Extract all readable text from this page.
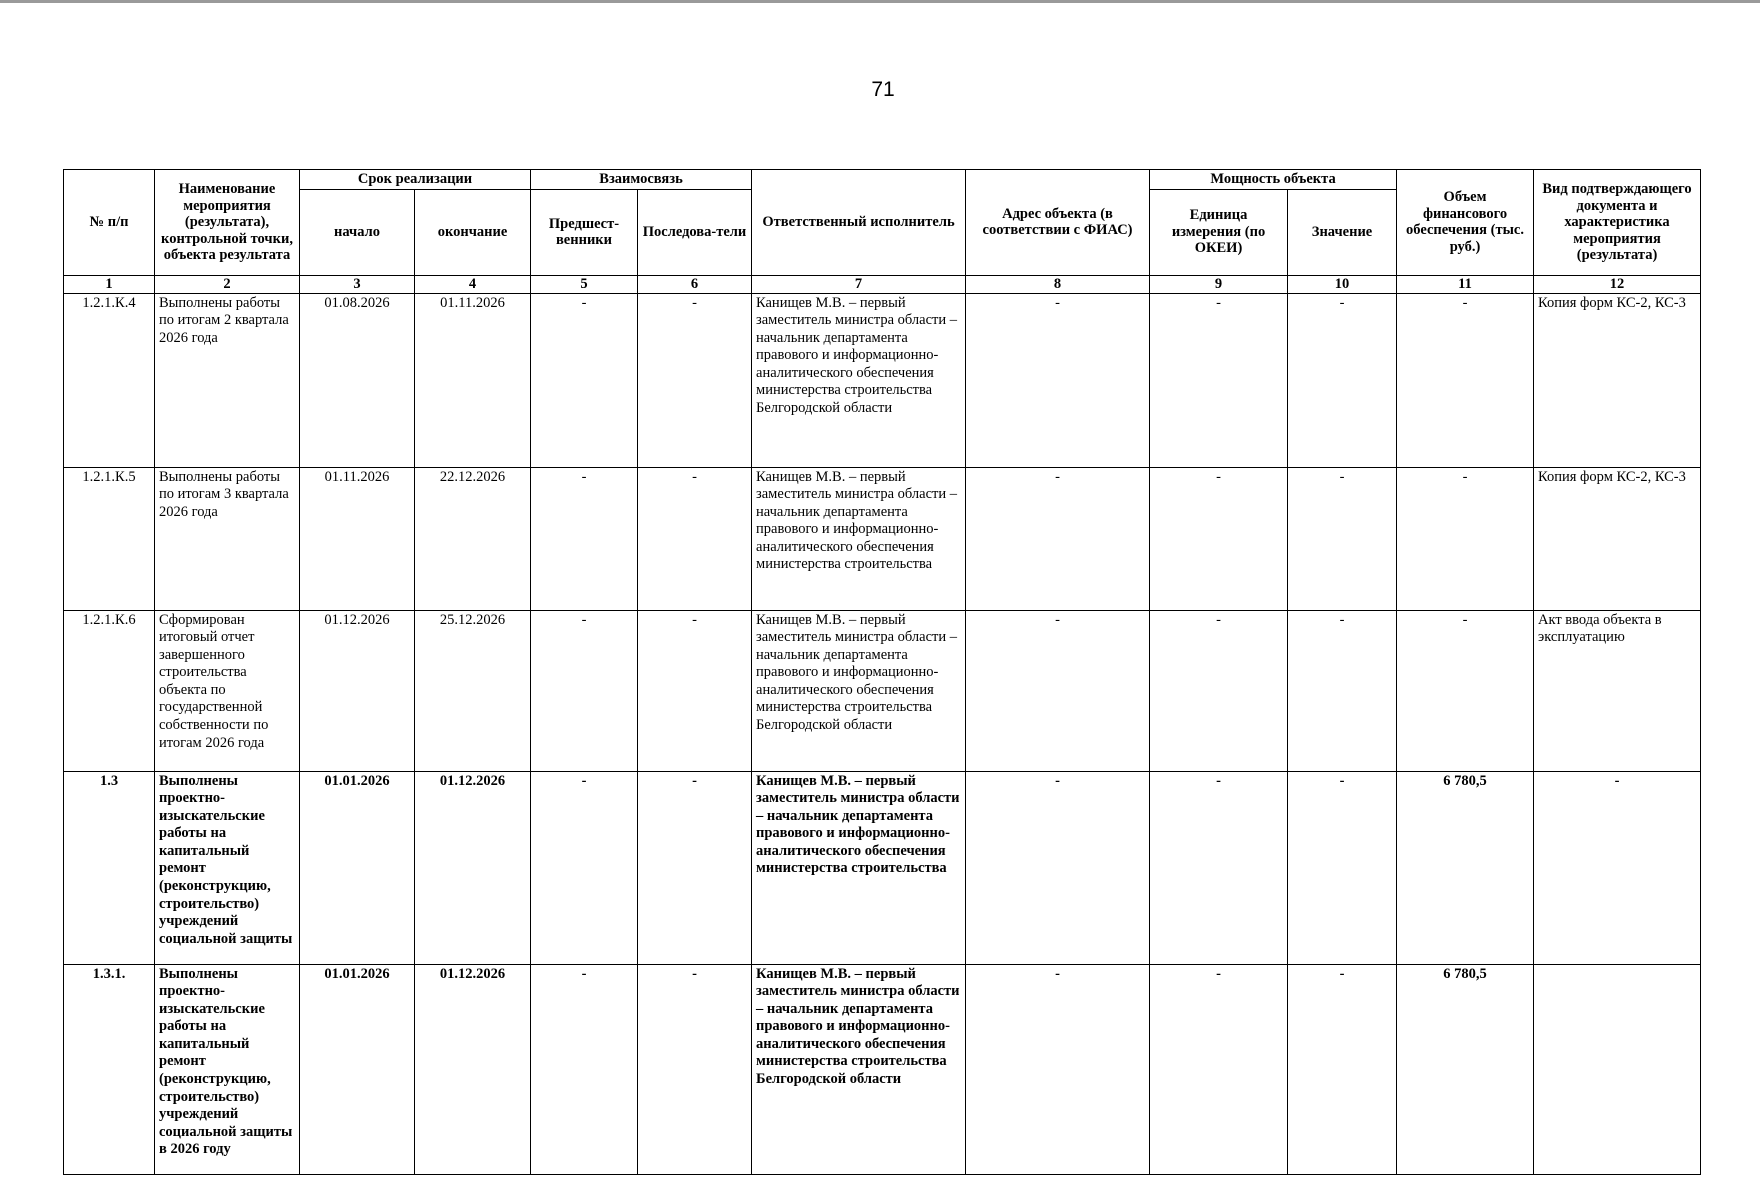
71
№ п/п	Наименование мероприятия (результата), контрольной точки, объекта результата	Срок реализации		Взаимосвязь		Ответственный исполнитель	Адрес объекта (в соответствии с ФИАС)	Мощность объекта		Объем финансового обеспечения (тыс. руб.)	Вид подтверждающего документа и характеристика мероприятия (результата)
		начало	окончание	Предшест-венники	Последова-тели			Единица измерения (по ОКЕИ)	Значение		
1	2	3	4	5	6	7	8	9	10	11	12
1.2.1.К.4	Выполнены работы по итогам 2 квартала 2026 года	01.08.2026	01.11.2026	-	-	Канищев М.В. – первый заместитель министра области – начальник департамента правового и информационно-аналитического обеспечения министерства строительства Белгородской области	-	-	-	-	Копия форм КС-2, КС-3
1.2.1.К.5	Выполнены работы по итогам 3 квартала 2026 года	01.11.2026	22.12.2026	-	-	Канищев М.В. – первый заместитель министра области – начальник департамента правового и информационно-аналитического обеспечения министерства строительства	-	-	-	-	Копия форм КС-2, КС-3
1.2.1.К.6	Сформирован итоговый отчет завершенного строительства объекта по государственной собственности по итогам 2026 года	01.12.2026	25.12.2026	-	-	Канищев М.В. – первый заместитель министра области – начальник департамента правового и информационно-аналитического обеспечения министерства строительства Белгородской области	-	-	-	-	Акт ввода объекта в эксплуатацию
1.3	Выполнены проектно-изыскательские работы на капитальный ремонт (реконструкцию, строительство) учреждений социальной защиты	01.01.2026	01.12.2026	-	-	Канищев М.В. – первый заместитель министра области – начальник департамента правового и информационно-аналитического обеспечения министерства строительства	-	-	-	6 780,5	-
1.3.1.	Выполнены проектно-изыскательские работы на капитальный ремонт (реконструкцию, строительство) учреждений социальной защиты в 2026 году	01.01.2026	01.12.2026	-	-	Канищев М.В. – первый заместитель министра области – начальник департамента правового и информационно-аналитического обеспечения министерства строительства Белгородской области	-	-	-	6 780,5	
